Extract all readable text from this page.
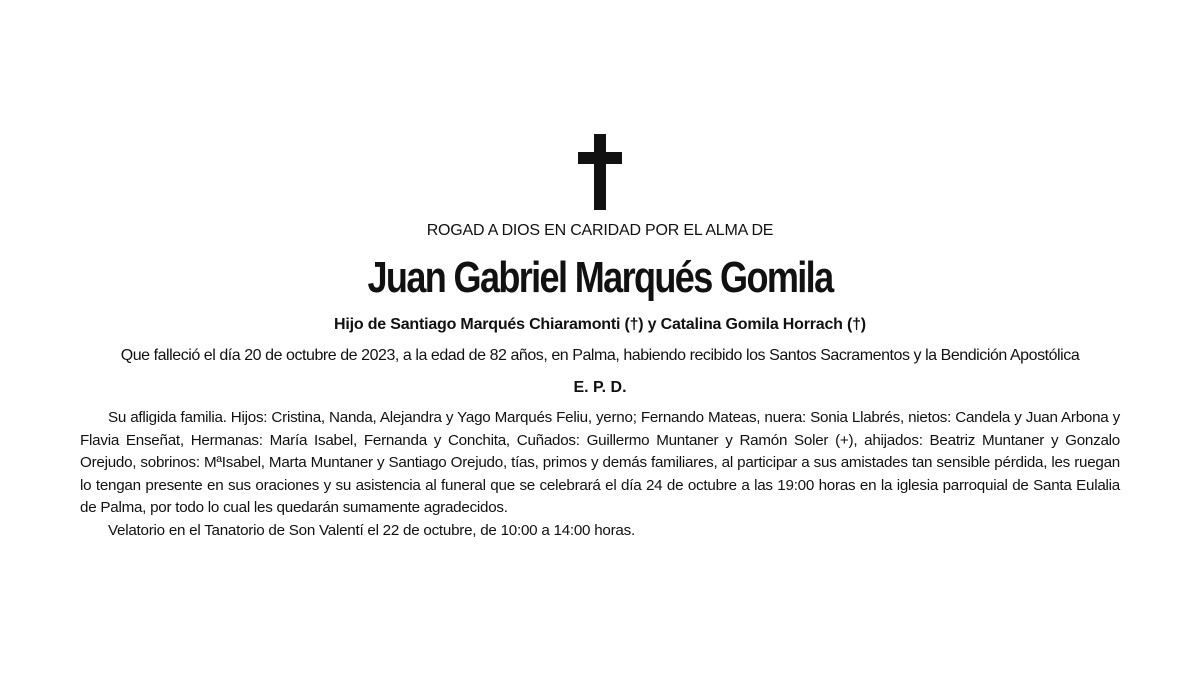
ROGAD A DIOS EN CARIDAD POR EL ALMA DE
Juan Gabriel Marqués Gomila
Hijo de Santiago Marqués Chiaramonti (†) y Catalina Gomila Horrach (†)
Que falleció el día 20 de octubre de 2023, a la edad de 82 años, en Palma, habiendo recibido los Santos Sacramentos y la Bendición Apostólica
E. P. D.

Su afligida familia. Hijos: Cristina, Nanda, Alejandra y Yago Marqués Feliu, yerno; Fernando Mateas, nuera: Sonia Llabrés, nietos: Candela y Juan Arbona y Flavia Enseñat, Hermanas: María Isabel, Fernanda y Conchita, Cuñados: Guillermo Muntaner y Ramón Soler (+), ahijados: Beatriz Muntaner y Gonzalo Orejudo, sobrinos: MªIsabel, Marta Muntaner y Santiago Orejudo, tías, primos y demás familiares, al participar a sus amistades tan sensible pérdida, les ruegan lo tengan presente en sus oraciones y su asistencia al funeral que se celebrará el día 24 de octubre a las 19:00 horas en la iglesia parroquial de Santa Eulalia de Palma, por todo lo cual les quedarán sumamente agradecidos.

Velatorio en el Tanatorio de Son Valentí el 22 de octubre, de 10:00 a 14:00 horas.
